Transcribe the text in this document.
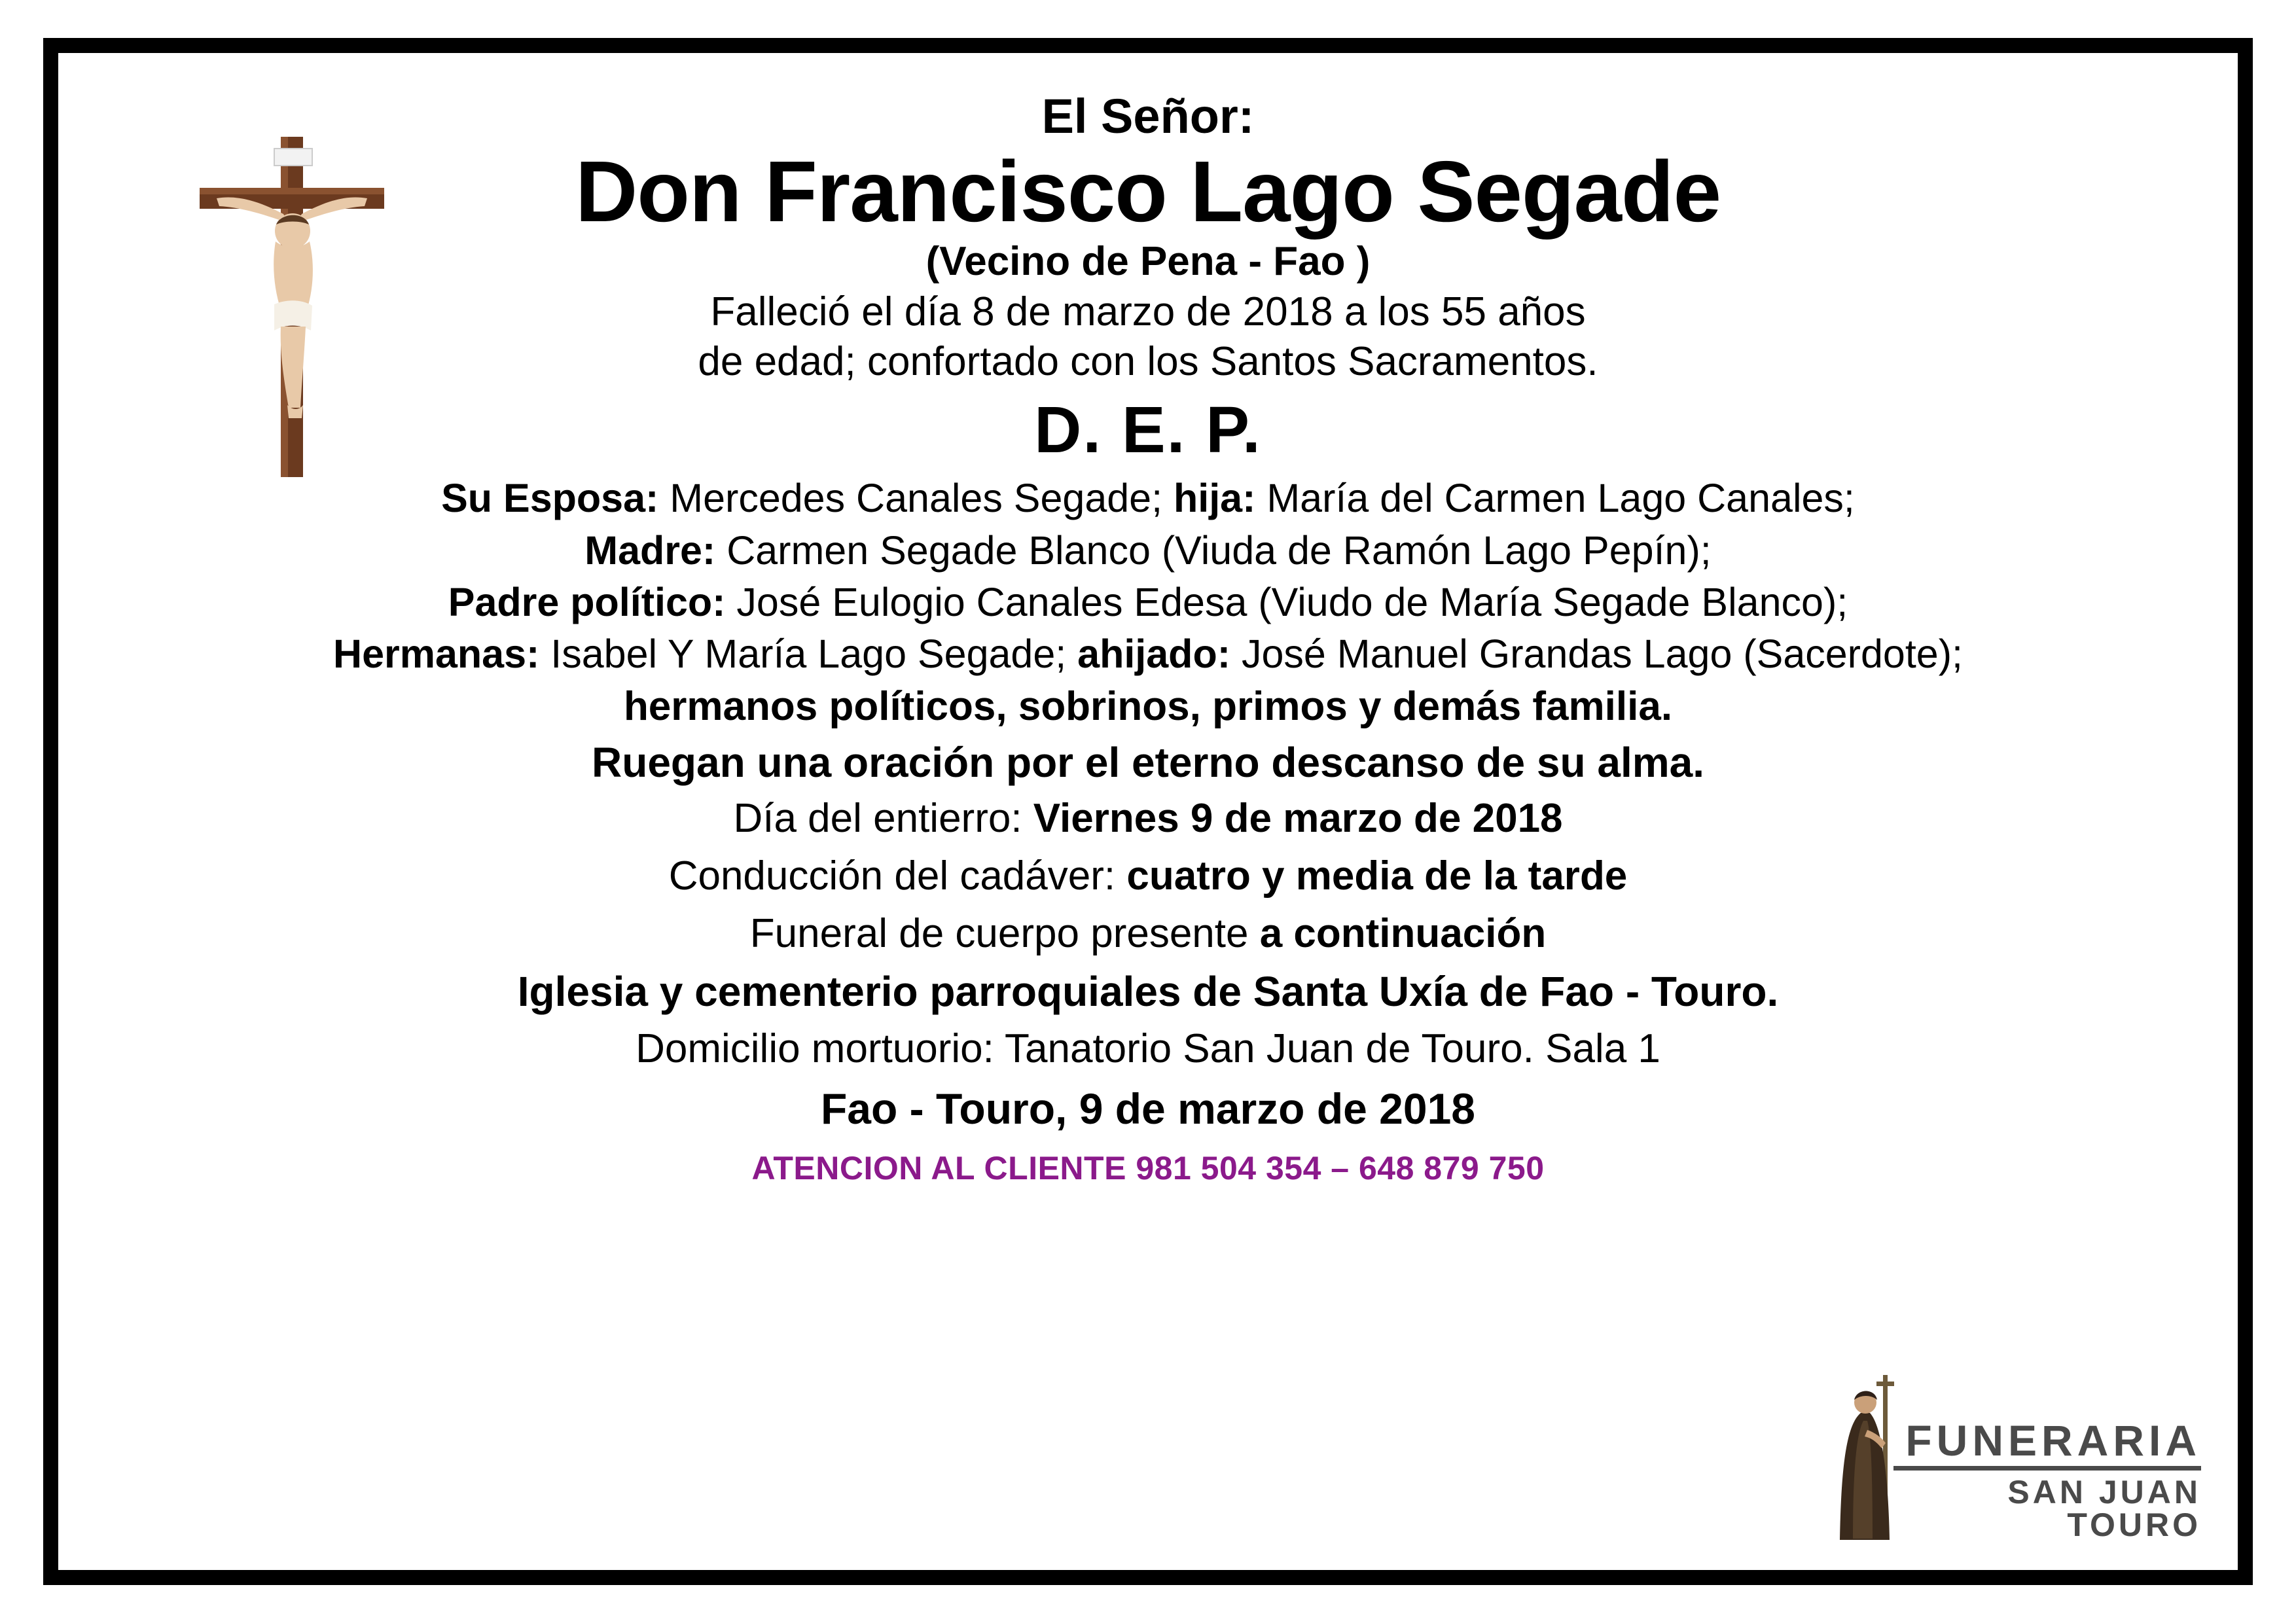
El Señor:
Don Francisco Lago Segade
(Vecino de Pena - Fao )
Falleció el día 8 de marzo de 2018 a los 55 años
de edad; confortado con los Santos Sacramentos.
D. E. P.
Su Esposa: Mercedes Canales Segade; hija: María del Carmen Lago Canales;
Madre: Carmen Segade Blanco (Viuda de Ramón Lago Pepín);
Padre político: José Eulogio Canales Edesa (Viudo de María Segade Blanco);
Hermanas: Isabel Y María Lago Segade; ahijado: José Manuel Grandas Lago (Sacerdote);
hermanos políticos, sobrinos, primos y demás familia.
Ruegan una oración por el eterno descanso de su alma.
Día del entierro: Viernes 9 de marzo de 2018
Conducción del cadáver: cuatro y media de la tarde
Funeral de cuerpo presente a continuación
Iglesia y cementerio parroquiales de Santa Uxía de Fao - Touro.
Domicilio mortuorio: Tanatorio San Juan de Touro. Sala 1
Fao - Touro, 9 de marzo de 2018
ATENCION AL CLIENTE 981 504 354 – 648 879 750
FUNERARIA
SAN JUAN TOURO
